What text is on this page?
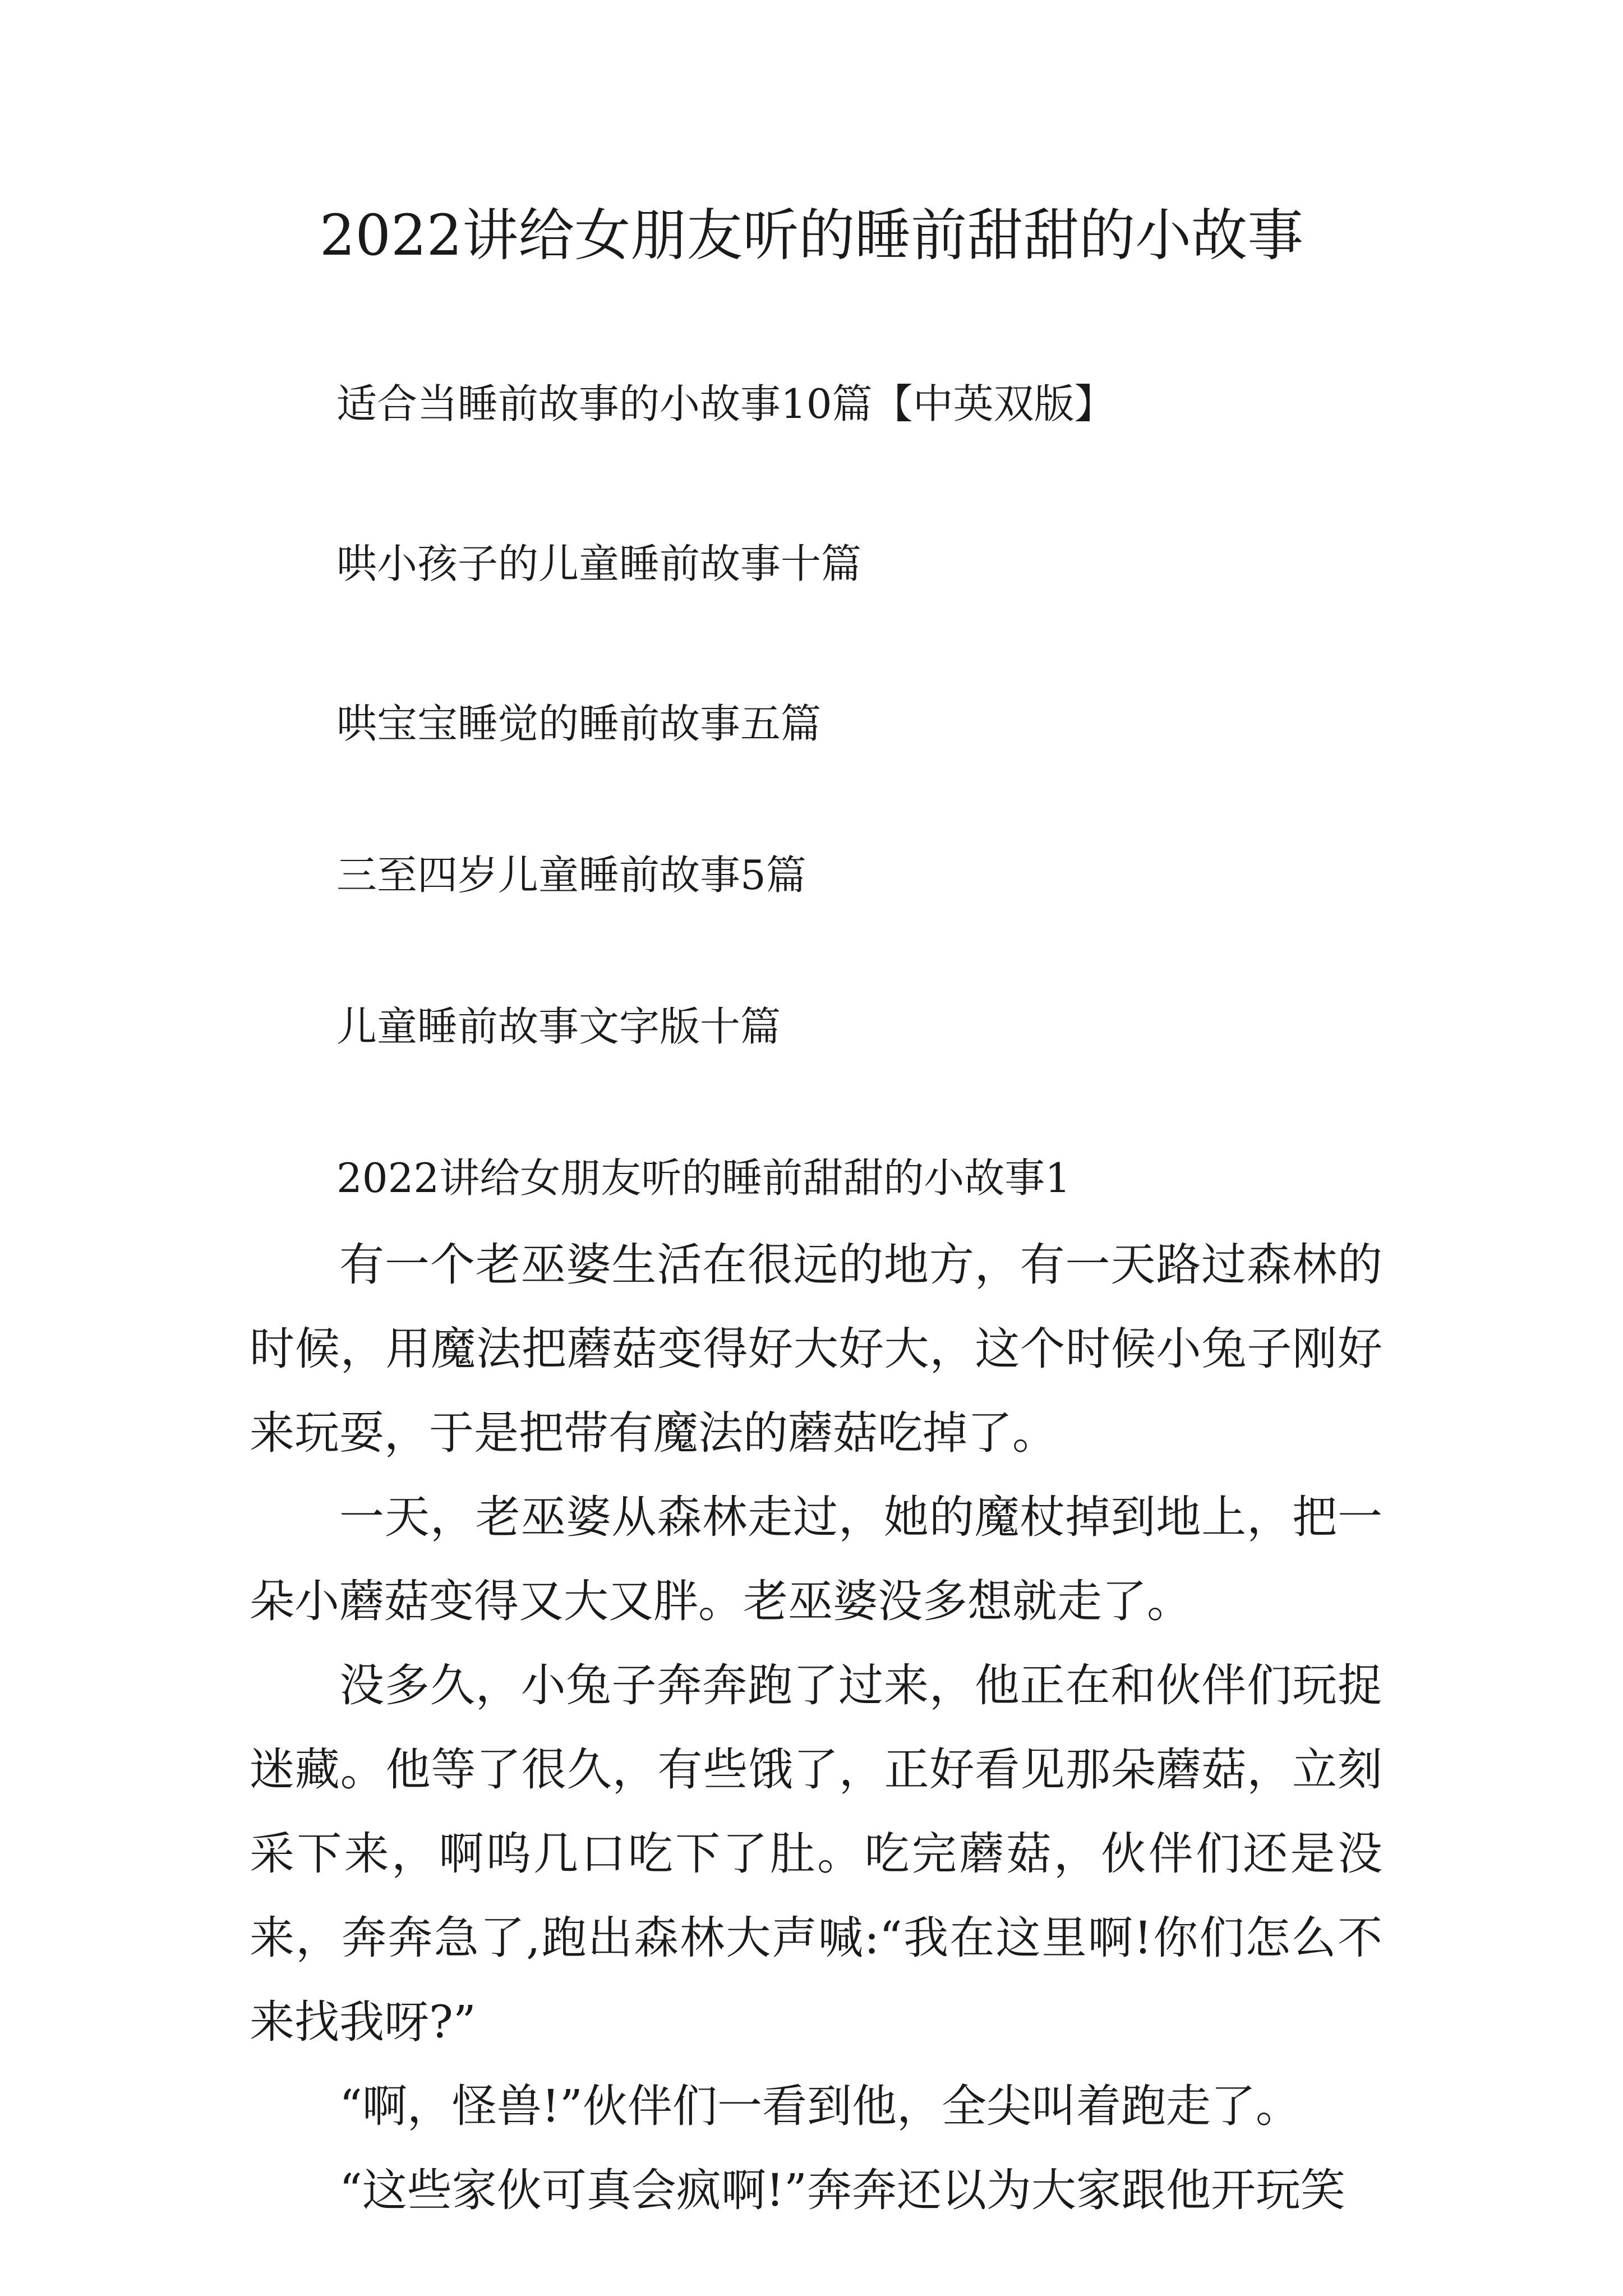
2022讲给女朋友听的睡前甜甜的小故事
适合当睡前故事的小故事10篇【中英双版】
哄小孩子的儿童睡前故事十篇
哄宝宝睡觉的睡前故事五篇
三至四岁儿童睡前故事5篇
儿童睡前故事文字版十篇
2022讲给女朋友听的睡前甜甜的小故事1

有一个老巫婆生活在很远的地方，有一天路过森林的时候，用魔法把蘑菇变得好大好大，这个时候小兔子刚好来玩耍，于是把带有魔法的蘑菇吃掉了。

一天，老巫婆从森林走过，她的魔杖掉到地上，把一朵小蘑菇变得又大又胖。老巫婆没多想就走了。

没多久，小兔子奔奔跑了过来，他正在和伙伴们玩捉迷藏。他等了很久，有些饿了，正好看见那朵蘑菇，立刻采下来，啊呜几口吃下了肚。吃完蘑菇，伙伴们还是没来，奔奔急了,跑出森林大声喊:“我在这里啊!你们怎么不来找我呀?”

“啊，怪兽!”伙伴们一看到他，全尖叫着跑走了。

“这些家伙可真会疯啊!”奔奔还以为大家跟他开玩笑
